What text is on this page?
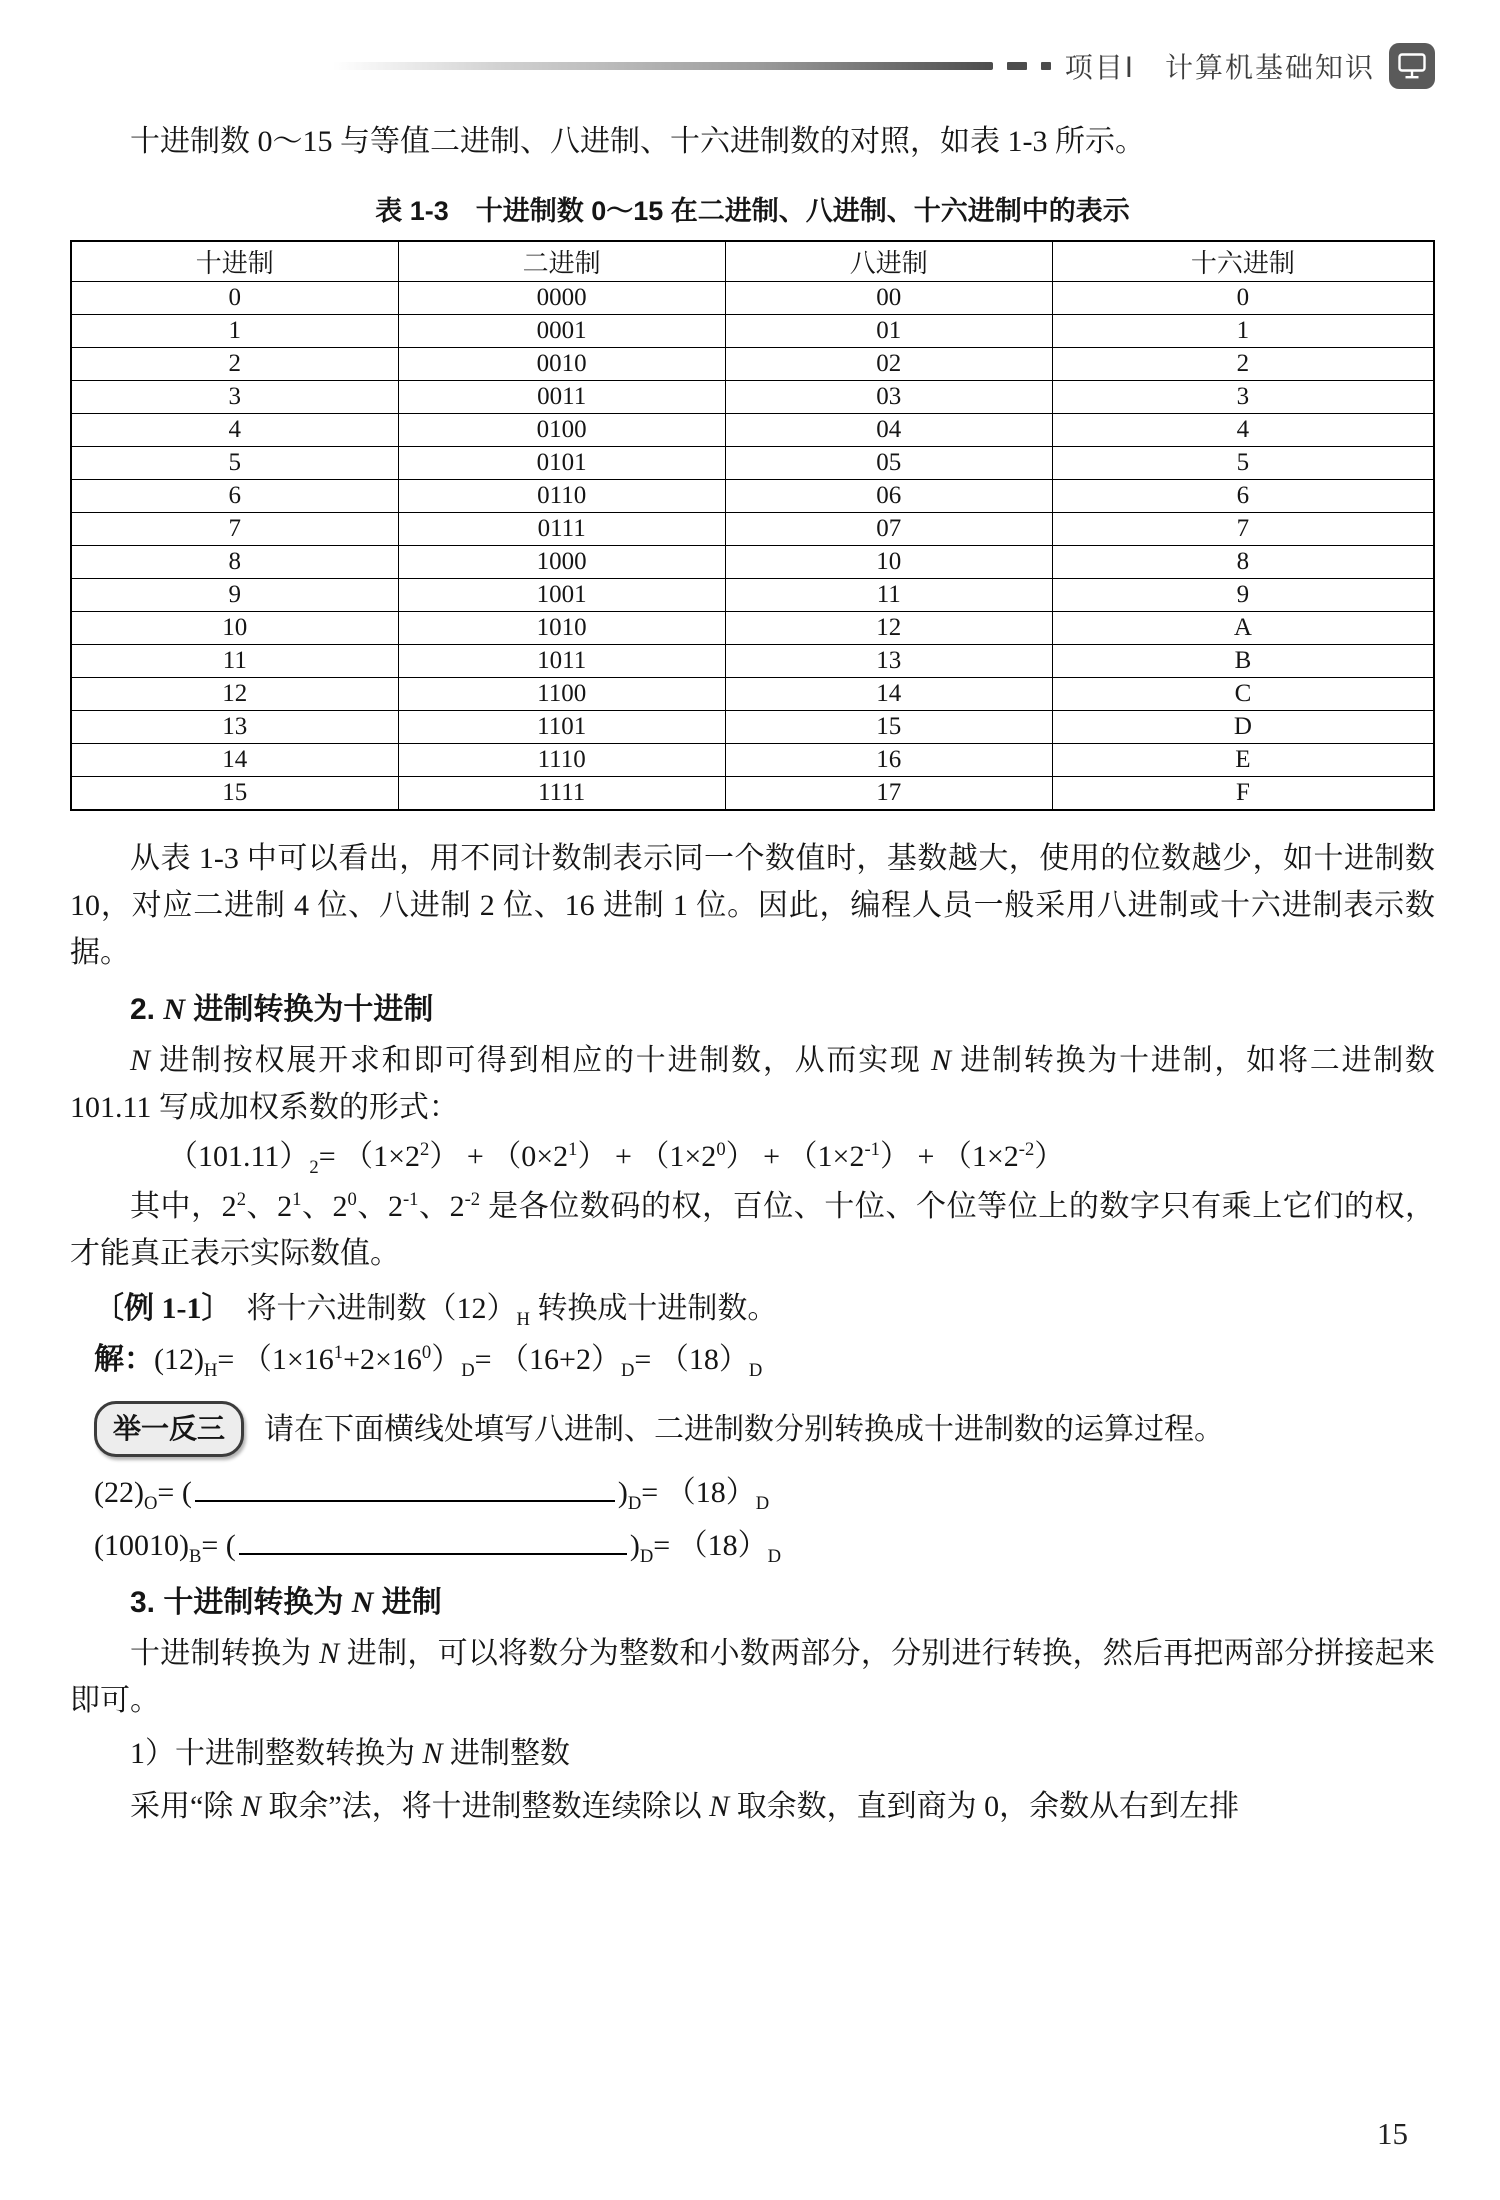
项目Ⅰ　计算机基础知识

十进制数 0～15 与等值二进制、八进制、十六进制数的对照，如表 1-3 所示。

表 1-3　十进制数 0～15 在二进制、八进制、十六进制中的表示
十进制	二进制	八进制	十六进制
0	0000	00	0
1	0001	01	1
2	0010	02	2
3	0011	03	3
4	0100	04	4
5	0101	05	5
6	0110	06	6
7	0111	07	7
8	1000	10	8
9	1001	11	9
10	1010	12	A
11	1011	13	B
12	1100	14	C
13	1101	15	D
14	1110	16	E
15	1111	17	F

从表 1-3 中可以看出，用不同计数制表示同一个数值时，基数越大，使用的位数越少，如十进制数 10，对应二进制 4 位、八进制 2 位、16 进制 1 位。因此，编程人员一般采用八进制或十六进制表示数据。

2. N 进制转换为十进制

N 进制按权展开求和即可得到相应的十进制数，从而实现 N 进制转换为十进制，如将二进制数 101.11 写成加权系数的形式：

$(101.11)_2= (1\times 2^2) + (0\times 2^1) + (1\times 2^0) + (1\times 2^{-1}) + (1\times 2^{-2})$

其中，$2^2$、$2^1$、$2^0$、$2^{-1}$、$2^{-2}$ 是各位数码的权，百位、十位、个位等位上的数字只有乘上它们的权，才能真正表示实际数值。

〔例 1-1〕　将十六进制数$(12)_H$ 转换成十进制数。
解：$(12)_H= (1\times 16^1+2\times 16^0)_D= (16+2)_D= (18)_D$
举一反三	请在下面横线处填写八进制、二进制数分别转换成十进制数的运算过程。
$(22)_O=$ (	)$_D= (18)_D$
$(10010)_B=$ (	)$_D= (18)_D$
3. 十进制转换为 N 进制

十进制转换为 N 进制，可以将数分为整数和小数两部分，分别进行转换，然后再把两部分拼接起来即可。

1）十进制整数转换为 N 进制整数

采用“除 N 取余”法，将十进制整数连续除以 N 取余数，直到商为 0，余数从右到左排

15
